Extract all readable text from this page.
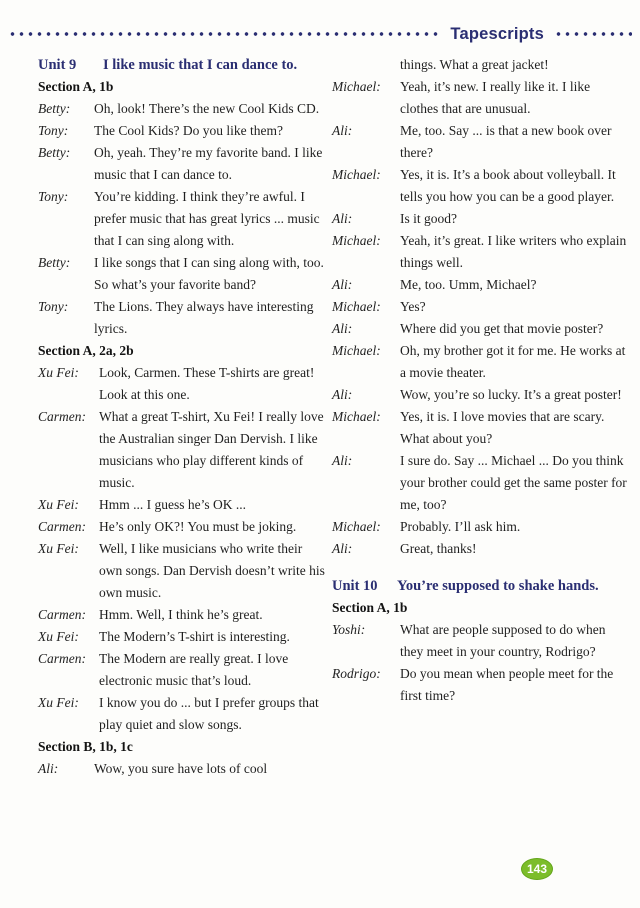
Tapescripts
Unit 9	I like music that I can dance to.
Section A, 1b
Betty:	Oh, look! There’s the new Cool Kids CD.
Tony:	The Cool Kids? Do you like them?
Betty:	Oh, yeah. They’re my favorite band. I like music that I can dance to.
Tony:	You’re kidding. I think they’re awful. I prefer music that has great lyrics ... music that I can sing along with.
Betty:	I like songs that I can sing along with, too. So what’s your favorite band?
Tony:	The Lions. They always have interesting lyrics.
Section A, 2a, 2b
Xu Fei:	Look, Carmen. These T-shirts are great! Look at this one.
Carmen: What a great T-shirt, Xu Fei! I really love the Australian singer Dan Dervish. I like musicians who play different kinds of music.
Xu Fei:	Hmm ... I guess he’s OK ...
Carmen: He’s only OK?! You must be joking.
Xu Fei:	Well, I like musicians who write their own songs. Dan Dervish doesn’t write his own music.
Carmen: Hmm. Well, I think he’s great.
Xu Fei:	The Modern’s T-shirt is interesting.
Carmen: The Modern are really great. I love electronic music that’s loud.
Xu Fei:	I know you do ... but I prefer groups that play quiet and slow songs.
Section B, 1b, 1c
Ali:	Wow, you sure have lots of cool
things. What a great jacket!
Michael:	Yeah, it’s new. I really like it. I like clothes that are unusual.
Ali:	Me, too. Say ... is that a new book over there?
Michael:	Yes, it is. It’s a book about volleyball. It tells you how you can be a good player.
Ali:	Is it good?
Michael:	Yeah, it’s great. I like writers who explain things well.
Ali:	Me, too. Umm, Michael?
Michael:	Yes?
Ali:	Where did you get that movie poster?
Michael:	Oh, my brother got it for me. He works at a movie theater.
Ali:	Wow, you’re so lucky. It’s a great poster!
Michael:	Yes, it is. I love movies that are scary. What about you?
Ali:	I sure do. Say ... Michael ... Do you think your brother could get the same poster for me, too?
Michael:	Probably. I’ll ask him.
Ali:	Great, thanks!
Unit 10	You’re supposed to shake hands.
Section A, 1b
Yoshi:	What are people supposed to do when they meet in your country, Rodrigo?
Rodrigo:	Do you mean when people meet for the first time?
143
